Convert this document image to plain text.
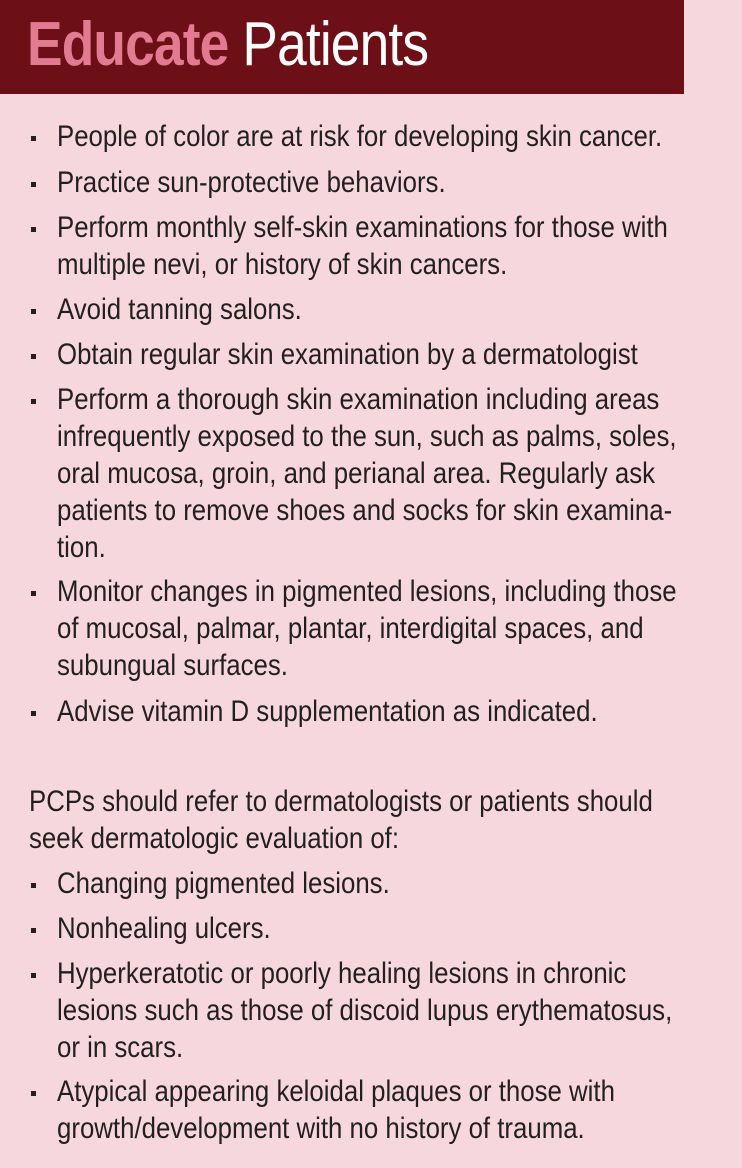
Educate Patients
People of color are at risk for developing skin cancer.
Practice sun-protective behaviors.
Perform monthly self-skin examinations for those with
multiple nevi, or history of skin cancers.
Avoid tanning salons.
Obtain regular skin examination by a dermatologist
Perform a thorough skin examination including areas
infrequently exposed to the sun, such as palms, soles,
oral mucosa, groin, and perianal area. Regularly ask
patients to remove shoes and socks for skin examina-
tion.
Monitor changes in pigmented lesions, including those
of mucosal, palmar, plantar, interdigital spaces, and
subungual surfaces.
Advise vitamin D supplementation as indicated.
PCPs should refer to dermatologists or patients should
seek dermatologic evaluation of:
Changing pigmented lesions.
Nonhealing ulcers.
Hyperkeratotic or poorly healing lesions in chronic
lesions such as those of discoid lupus erythematosus,
or in scars.
Atypical appearing keloidal plaques or those with
growth/development with no history of trauma.
